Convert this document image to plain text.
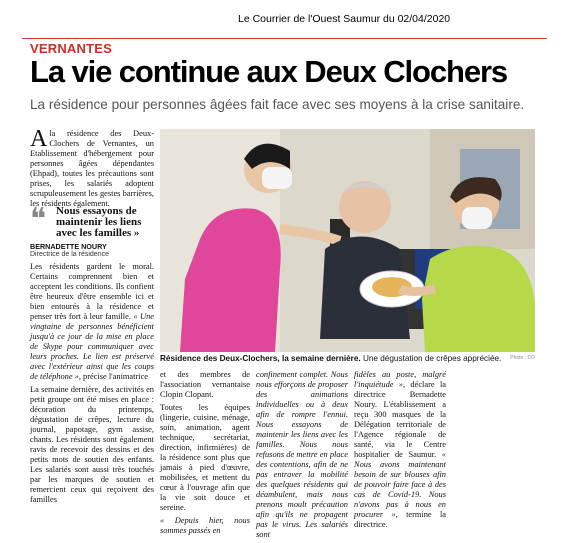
Le Courrier de l'Ouest Saumur du 02/04/2020
VERNANTES
La vie continue aux Deux Clochers
La résidence pour personnes âgées fait face avec ses moyens à la crise sanitaire.
Ala résidence des Deux-Clochers de Vernantes, un Etablissement d'hébergement pour personnes âgées dépendantes (Ehpad), toutes les précautions sont prises, les salariés adoptent scrupuleusement les gestes barrières, les résidents également.
❝ Nous essayons de maintenir les liens avec les familles »
BERNADETTE NOURY
Directrice de la résidence

Les résidents gardent le moral. Certains comprennent bien et acceptent les conditions. Ils confient être heureux d'être ensemble ici et bien entourés à la résidence et penser très fort à leur famille. « Une vingtaine de personnes bénéficient jusqu'à ce jour de la mise en place de Skype pour communiquer avec leurs proches. Le lien est préservé avec l'extérieur ainsi que les coups de téléphone », précise l'animatrice

La semaine dernière, des activités en petit groupe ont été mises en place : décoration du printemps, dégustation de crêpes, lecture du journal, papotage, gym assise, chants. Les résidents sont également ravis de recevoir des dessins et des petits mots de soutien des enfants. Les salariés sont aussi très touchés par les marques de soutien et remercient ceux qui reçoivent des familles

Résidence des Deux-Clochers, la semaine dernière. Une dégustation de crêpes appréciée. Photo : CO

et des membres de l'association vernantaise Clopin Clopant.

Toutes les équipes (lingerie, cuisine, ménage, soin, animation, agent technique, secrétariat, direction, infirmières) de la résidence sont plus que jamais à pied d'œuvre, mobilisées, et mettent du cœur à l'ouvrage afin que la vie soit douce et sereine.

« Depuis hier, nous sommes passés en

confinement complet. Nous nous efforçons de proposer des animations individuelles ou à deux afin de rompre l'ennui. Nous essayons de maintenir les liens avec les familles. Nous nous refusons de mettre en place des contentions, afin de ne pas entraver la mobilité des quelques résidents qui déambulent, mais nous prenons moult précaution afin qu'ils ne propagent pas le virus. Les salariés sont

fidèles au poste, malgré l'inquiétude », déclare la directrice Bernadette Noury. L'établissement a reçu 300 masques de la Délégation territoriale de l'Agence régionale de santé, via le Centre hospitalier de Saumur. « Nous avons maintenant besoin de sur blouses afin de pouvoir faire face à des cas de Covid-19. Nous n'avons pas à nous en procurer », termine la directrice.
